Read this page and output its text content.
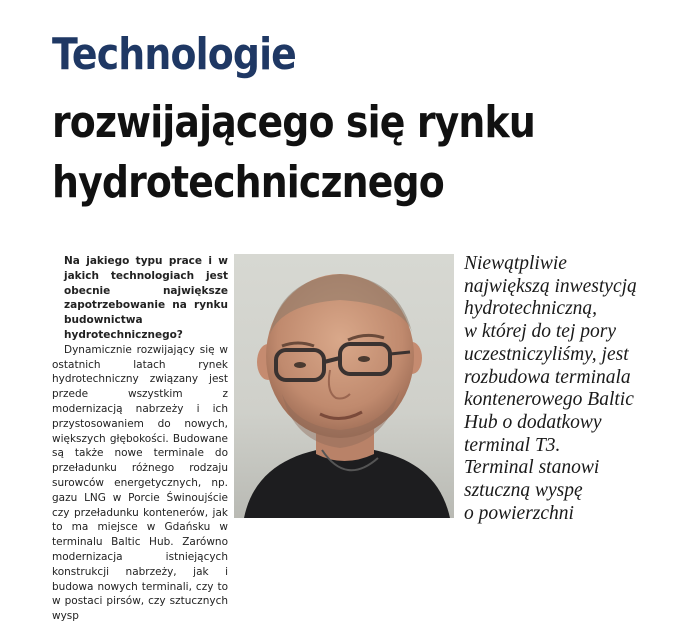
Technologie
rozwijającego się rynku
hydrotechnicznego

Na jakiego typu prace i w jakich technologiach jest obecnie największe zapotrzebowanie na rynku budownictwa hydrotechnicznego?

Dynamicznie rozwijający się w ostatnich latach rynek hydrotechniczny związany jest przede wszystkim z modernizacją nabrzeży i ich przystosowaniem do nowych, większych głębokości. Budowane są także nowe terminale do przeładunku różnego rodzaju surowców energetycznych, np. gazu LNG w Porcie Świnoujście czy przeładunku kontenerów, jak to ma miejsce w Gdańsku w terminalu Baltic Hub. Zarówno modernizacja istniejących konstrukcji nabrzeży, jak i budowa nowych terminali, czy to w postaci pirsów, czy sztucznych wysp

Niewątpliwie
największą inwestycją
hydrotechniczną,
w której do tej pory
uczestniczyliśmy, jest
rozbudowa terminala
kontenerowego Baltic
Hub o dodatkowy
terminal T3.
Terminal stanowi
sztuczną wyspę
o powierzchni
